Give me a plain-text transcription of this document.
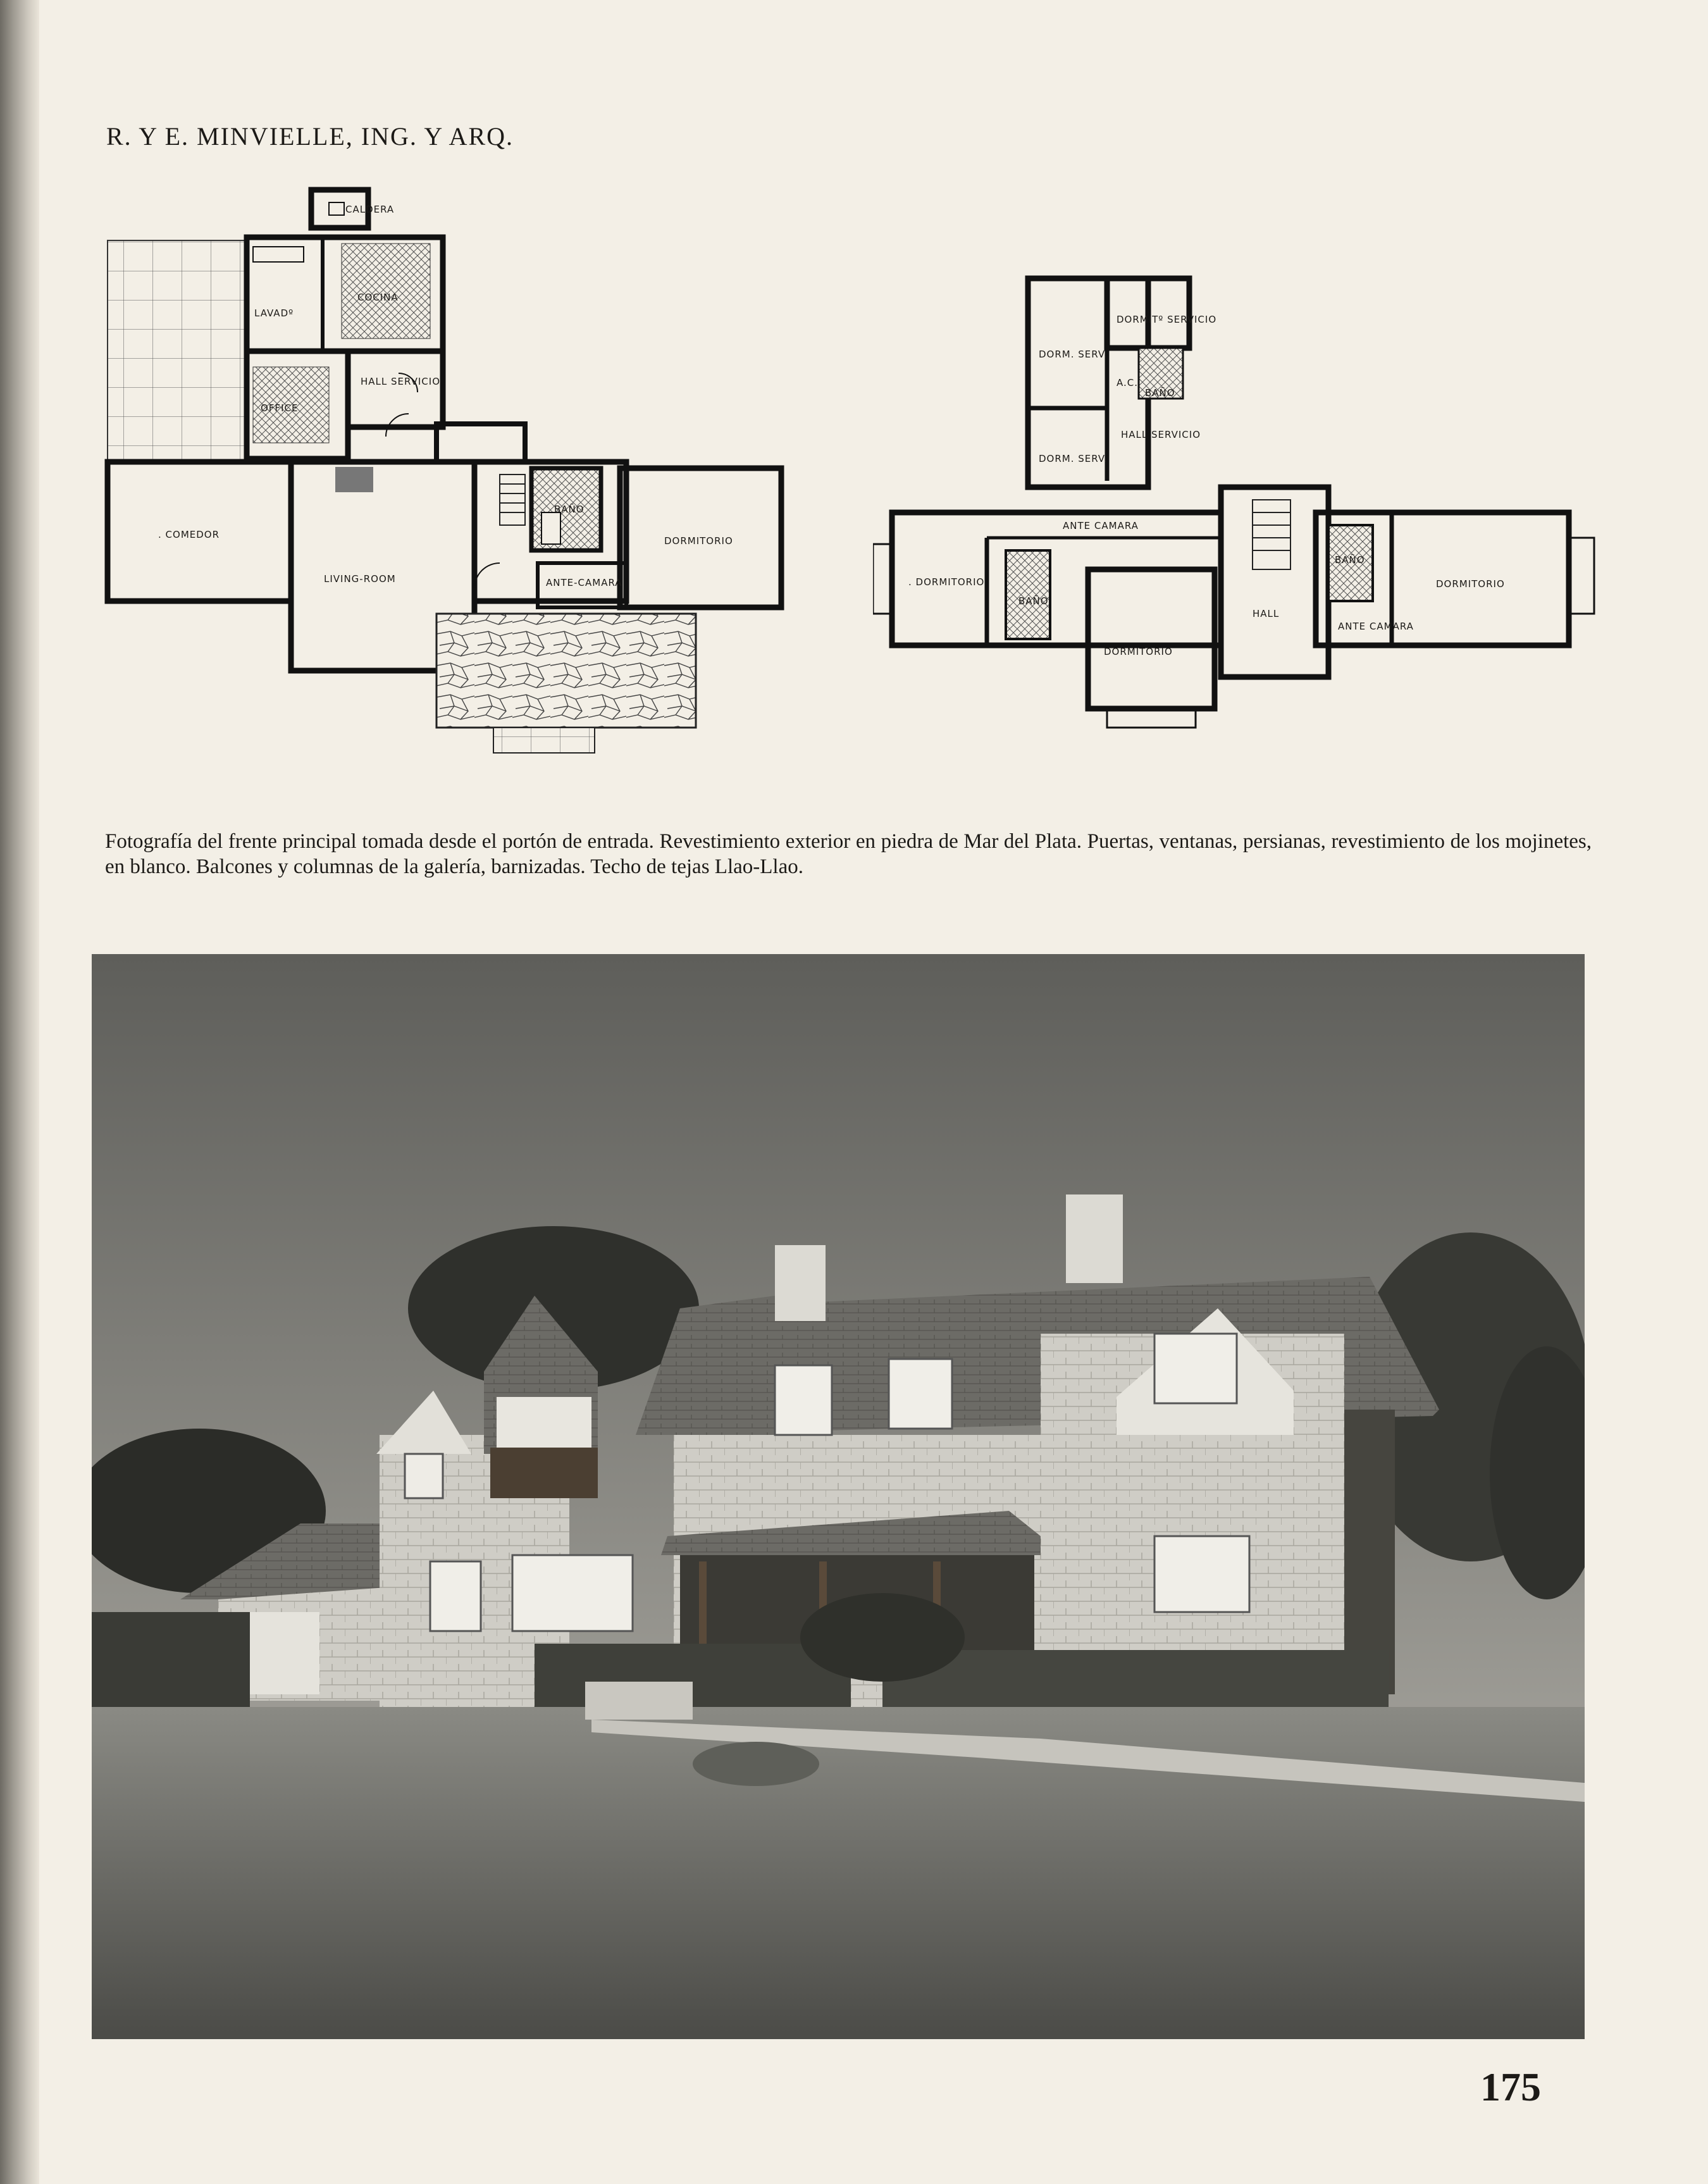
R. Y E. MINVIELLE, ING. Y ARQ.
CALDERA
COCINA
LAVADº
OFFICE
HALL SERVICIO
. COMEDOR
LIVING-ROOM
BAÑO
DORMITORIO
ANTE-CAMARA
DORMITº SERVICIO
DORM. SERV.
A.C.
BAÑO
HALL SERVICIO
DORM. SERV.
ANTE CAMARA
. DORMITORIO
BAÑO
DORMITORIO
HALL
BAÑO
DORMITORIO
ANTE CAMARA
Fotografía del frente principal tomada desde el portón de entrada. Revestimiento exterior en piedra de Mar del Plata. Puertas, ventanas, persianas, revestimiento de los mojinetes, en blanco. Balcones y columnas de la galería, barnizadas. Techo de tejas Llao-Llao.
175
